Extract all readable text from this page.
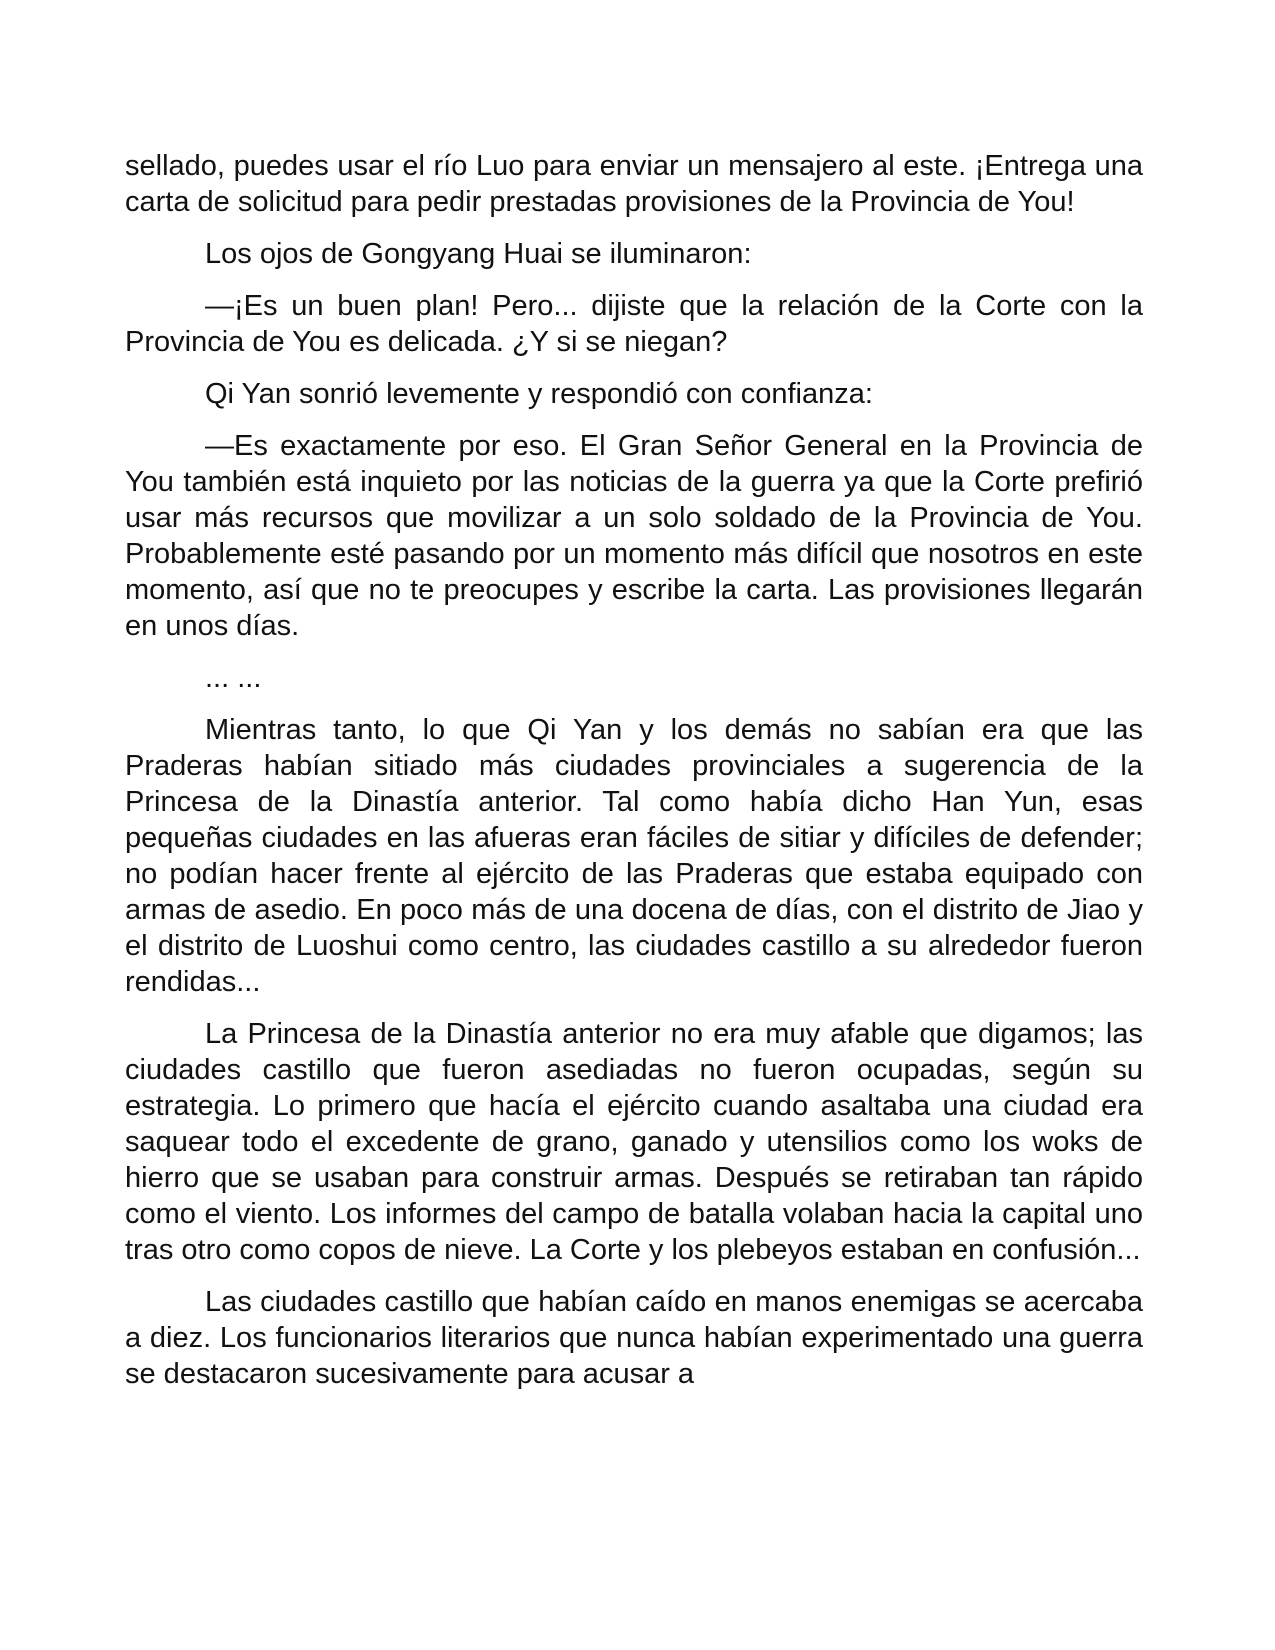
sellado, puedes usar el río Luo para enviar un mensajero al este. ¡Entrega una carta de solicitud para pedir prestadas provisiones de la Provincia de You!

Los ojos de Gongyang Huai se iluminaron:

—¡Es un buen plan! Pero... dijiste que la relación de la Corte con la Provincia de You es delicada. ¿Y si se niegan?

Qi Yan sonrió levemente y respondió con confianza:

—Es exactamente por eso. El Gran Señor General en la Provincia de You también está inquieto por las noticias de la guerra ya que la Corte prefirió usar más recursos que movilizar a un solo soldado de la Provincia de You. Probablemente esté pasando por un momento más difícil que nosotros en este momento, así que no te preocupes y escribe la carta. Las provisiones llegarán en unos días.

... ...

Mientras tanto, lo que Qi Yan y los demás no sabían era que las Praderas habían sitiado más ciudades provinciales a sugerencia de la Princesa de la Dinastía anterior. Tal como había dicho Han Yun, esas pequeñas ciudades en las afueras eran fáciles de sitiar y difíciles de defender; no podían hacer frente al ejército de las Praderas que estaba equipado con armas de asedio. En poco más de una docena de días, con el distrito de Jiao y el distrito de Luoshui como centro, las ciudades castillo a su alrededor fueron rendidas...

La Princesa de la Dinastía anterior no era muy afable que digamos; las ciudades castillo que fueron asediadas no fueron ocupadas, según su estrategia. Lo primero que hacía el ejército cuando asaltaba una ciudad era saquear todo el excedente de grano, ganado y utensilios como los woks de hierro que se usaban para construir armas. Después se retiraban tan rápido como el viento. Los informes del campo de batalla volaban hacia la capital uno tras otro como copos de nieve. La Corte y los plebeyos estaban en confusión...

Las ciudades castillo que habían caído en manos enemigas se acercaba a diez. Los funcionarios literarios que nunca habían experimentado una guerra se destacaron sucesivamente para acusar a
